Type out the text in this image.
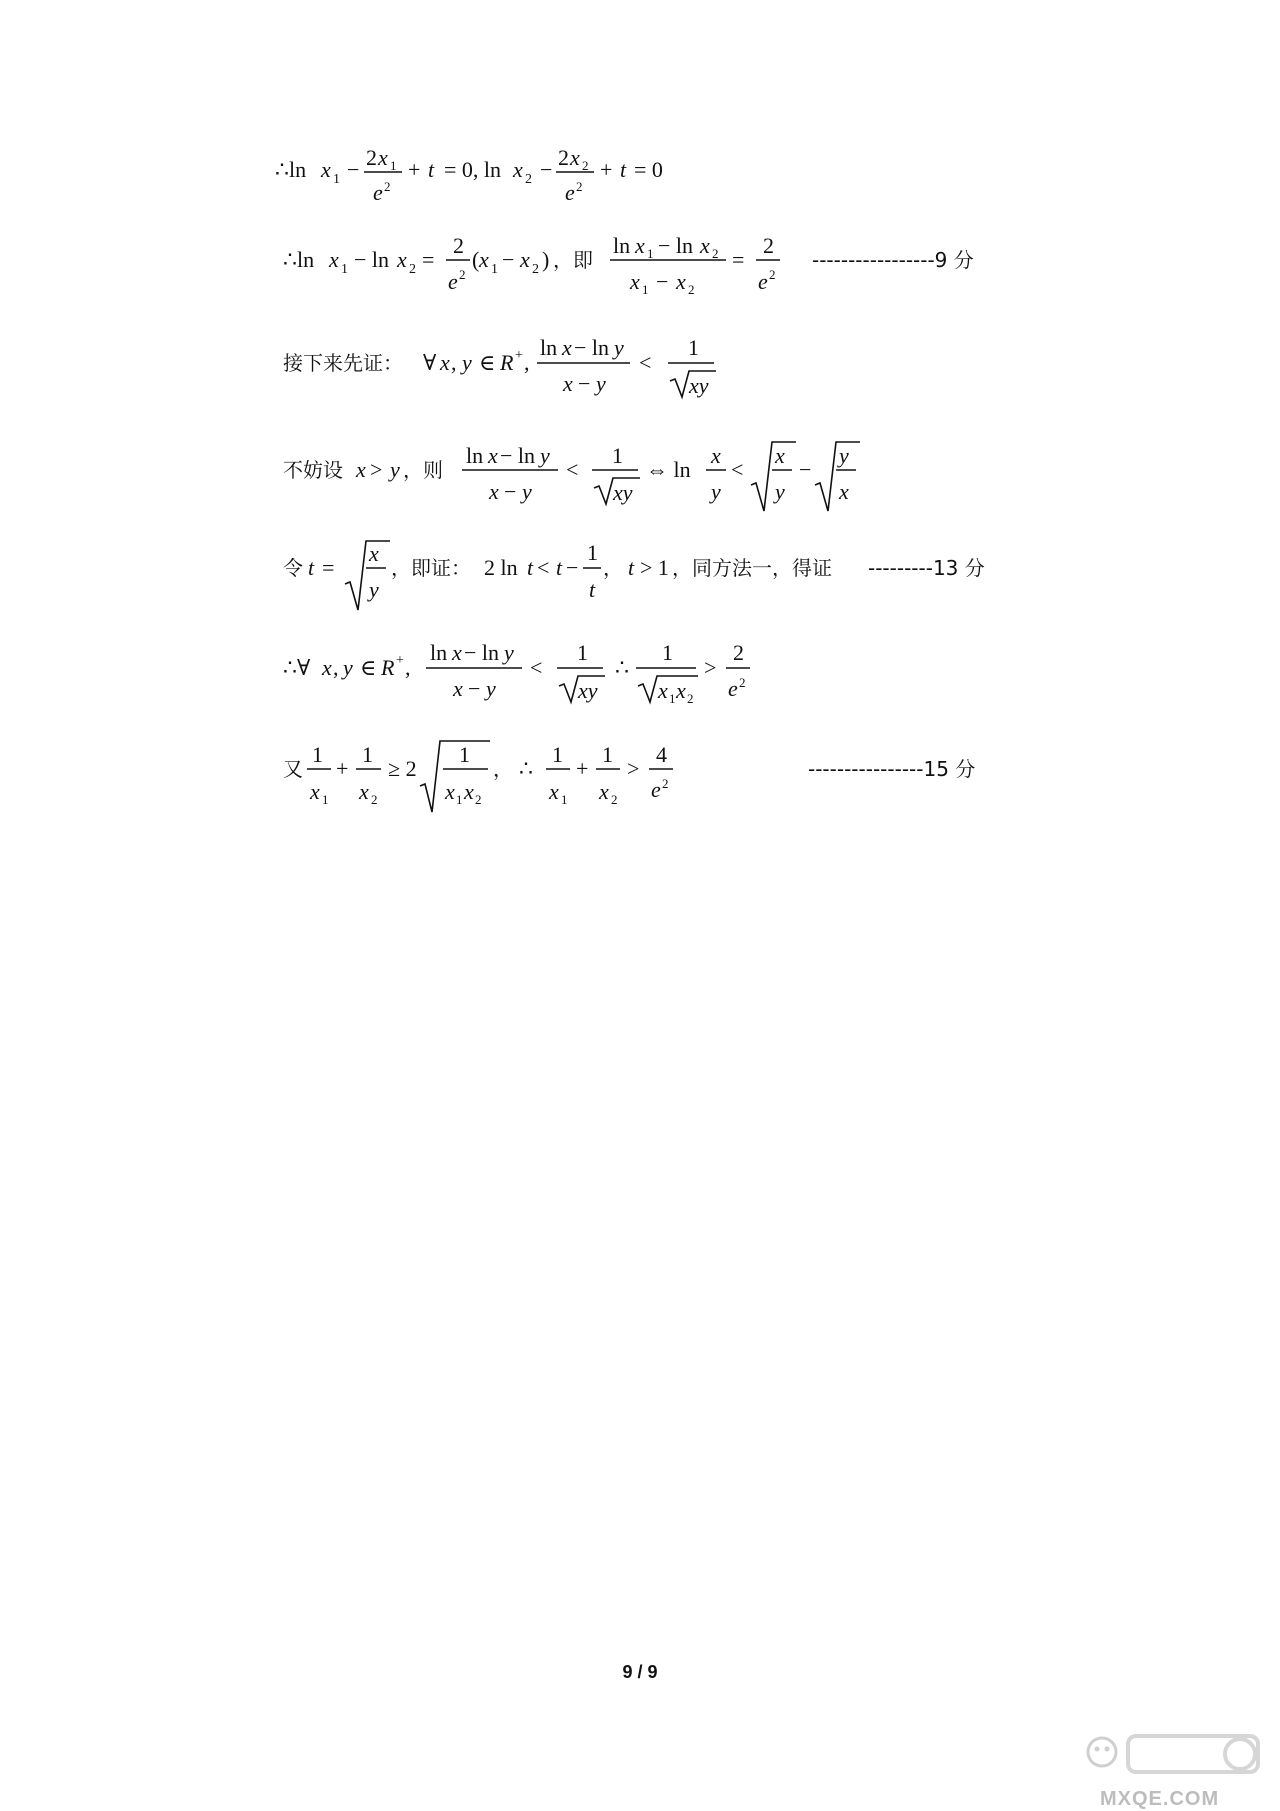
∴ln x 1 − 2 x 1
e 2
+ t = 0, ln x 2 − 2 x 2
e 2
+ t = 0
∴ln x 1 − ln x 2 =
2
e 2
( x 1 − x 2 ) ，即
ln x 1 − ln x 2
x 1 − x 2
=
2
e 2
-----------------9 分
接下来先证： ∀ x , y ∈ R + ,
ln x − ln y
x − y
<
1
xy
不妨设 x > y ，则
ln x − ln y
x − y
<
1
xy
⇔ ln
x
y
<
x
y
−
y
x
令 t =
x
y
，即证： 2 ln t < t −
1
t
， t > 1 ，同方法一，得证 ---------13 分
∴∀ x , y ∈ R + ,
ln x − ln y
x − y
<
1
xy
∴
1
x 1 x 2
>
2
e 2
又
1
x 1
+
1
x 2
≥ 2
1
x 1 x 2
， ∴
1
x 1
+
1
x 2
>
4
e 2
----------------15 分
9 / 9
MXQE.COM
